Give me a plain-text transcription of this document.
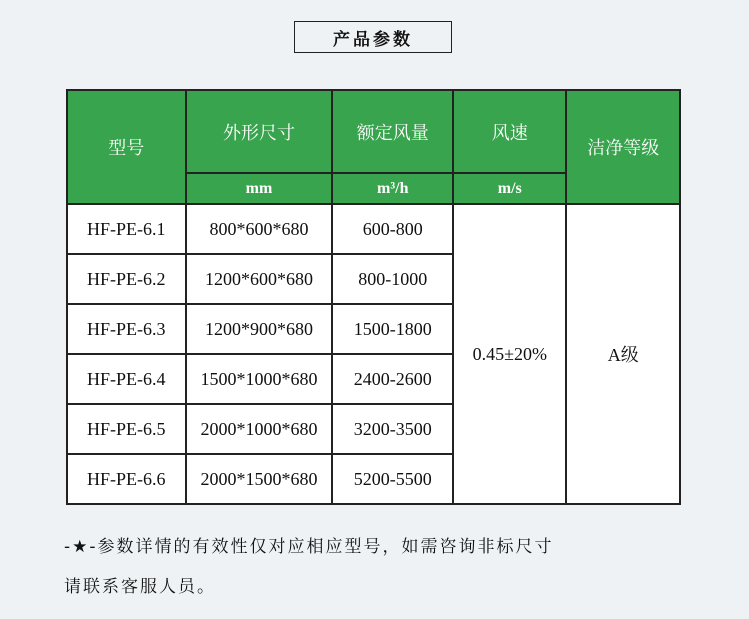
产品参数
型号	外形尺寸	额定风量	风速	洁净等级
	mm	m³/h	m/s	
HF-PE-6.1	800*600*680	600-800	0.45±20%	A级
HF-PE-6.2	1200*600*680	800-1000		
HF-PE-6.3	1200*900*680	1500-1800		
HF-PE-6.4	1500*1000*680	2400-2600		
HF-PE-6.5	2000*1000*680	3200-3500		
HF-PE-6.6	2000*1500*680	5200-5500		
-★-参数详情的有效性仅对应相应型号，如需咨询非标尺寸
请联系客服人员。
